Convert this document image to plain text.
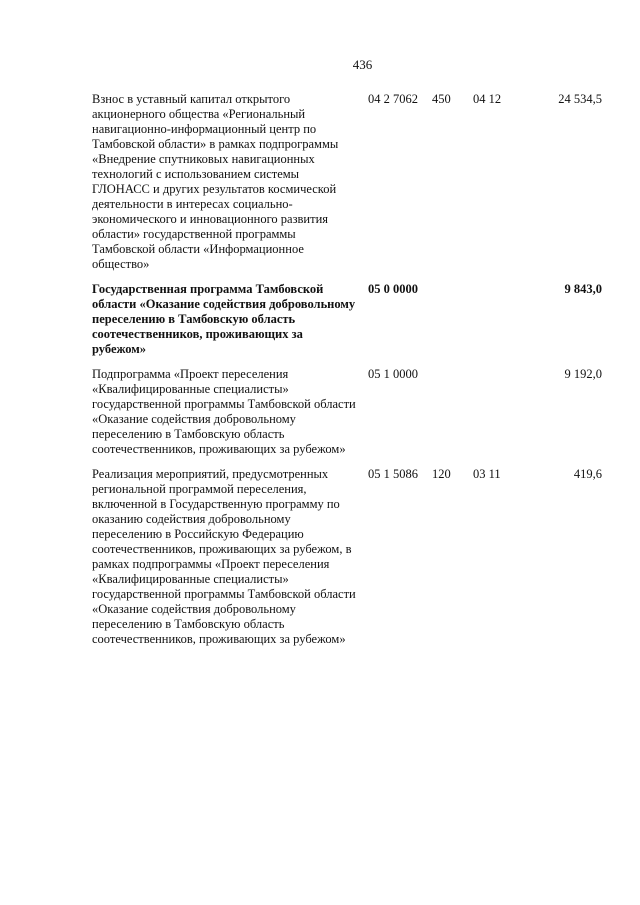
436
Взнос в уставный капитал открытого акционерного общества «Региональный навигационно-информационный центр по Тамбовской области» в рамках подпрограммы «Внедрение спутниковых навигационных технологий с использованием системы ГЛОНАСС и других результатов космической деятельности в интересах социально-экономического и инновационного развития области» государственной программы Тамбовской области «Информационное общество»
04 2 7062 450 04 12	24 534,5
Государственная программа Тамбовской области «Оказание содействия добровольному переселению в Тамбовскую область соотечественников, проживающих за рубежом»
05 0 0000	9 843,0
Подпрограмма «Проект переселения «Квалифицированные специалисты» государственной программы Тамбовской области «Оказание содействия добровольному переселению в Тамбовскую область соотечественников, проживающих за рубежом»
05 1 0000	9 192,0
Реализация мероприятий, предусмотренных региональной программой переселения, включенной в Государственную программу по оказанию содействия добровольному переселению в Российскую Федерацию соотечественников, проживающих за рубежом, в рамках подпрограммы «Проект переселения «Квалифицированные специалисты» государственной программы Тамбовской области «Оказание содействия добровольному переселению в Тамбовскую область соотечественников, проживающих за рубежом»
05 1 5086 120 03 11	419,6
